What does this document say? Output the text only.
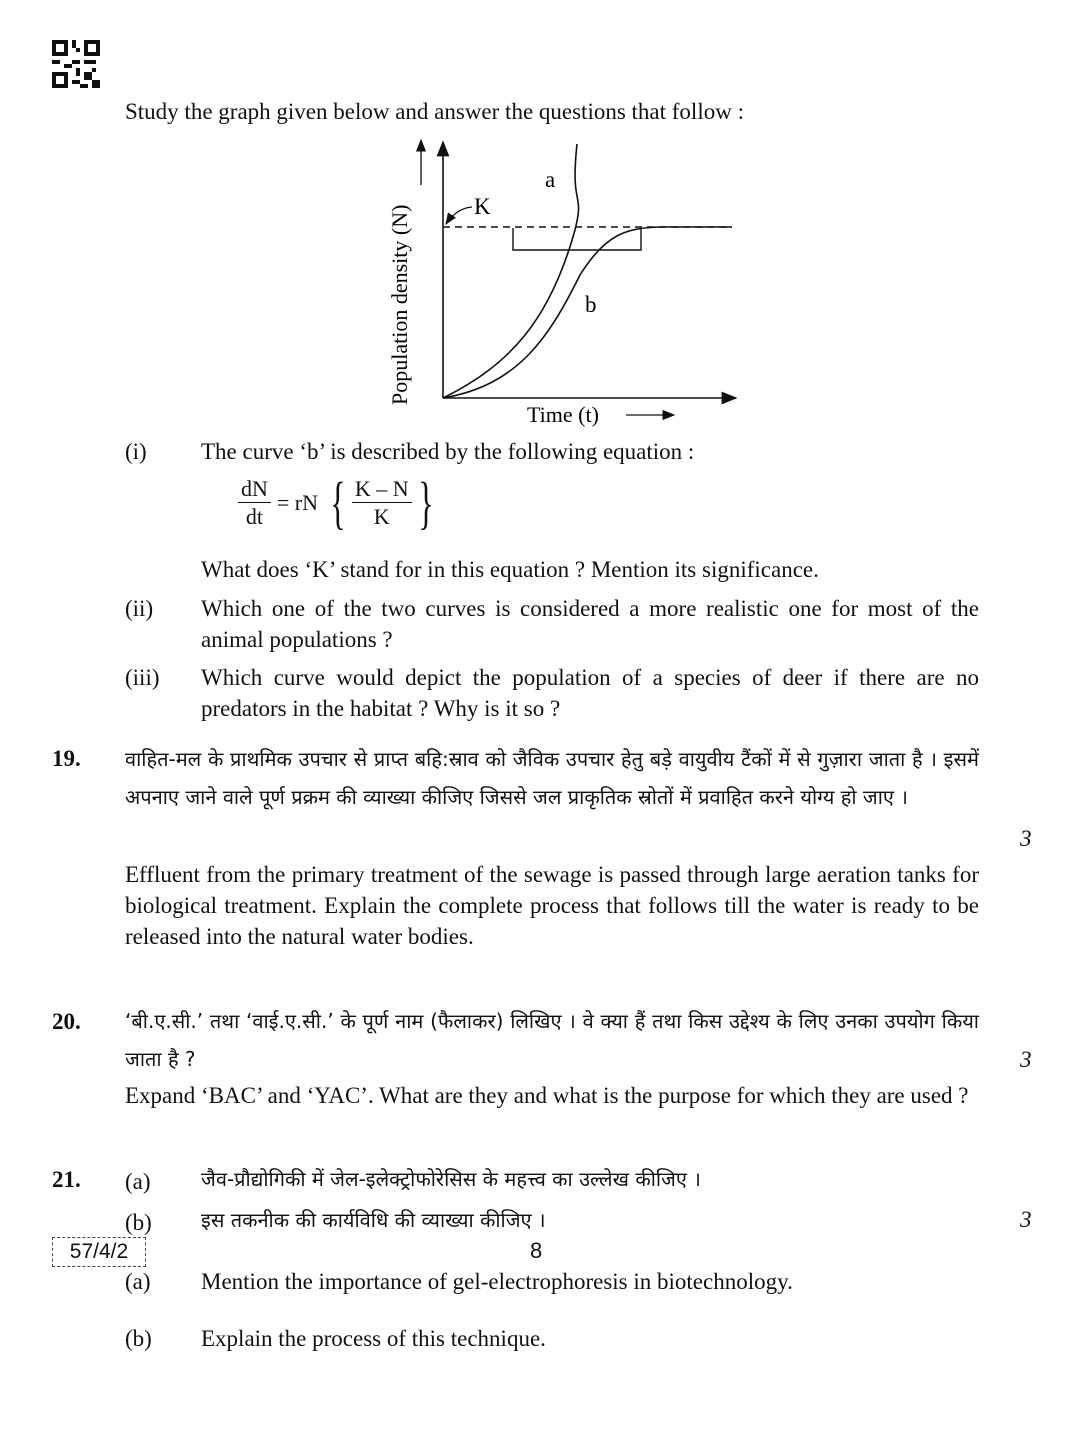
Study the graph given below and answer the questions that follow :
K
a
b
Population density (N)
Time (t)
(i) The curve ‘b’ is described by the following equation :
$\frac{dN}{dt}$ = rN { $\frac{K - N}{K}$ }
What does ‘K’ stand for in this equation ? Mention its significance.
(ii) Which one of the two curves is considered a more realistic one for most of the animal populations ?
(iii) Which curve would depict the population of a species of deer if there are no predators in the habitat ? Why is it so ?
19. वाहित-मल के प्राथमिक उपचार से प्राप्त बहि:स्राव को जैविक उपचार हेतु बड़े वायुवीय टैंकों में से गुज़ारा जाता है । इसमें अपनाए जाने वाले पूर्ण प्रक्रम की व्याख्या कीजिए जिससे जल प्राकृतिक स्रोतों में प्रवाहित करने योग्य हो जाए ।
3
Effluent from the primary treatment of the sewage is passed through large aeration tanks for biological treatment. Explain the complete process that follows till the water is ready to be released into the natural water bodies.
20. ‘बी.ए.सी.’ तथा ‘वाई.ए.सी.’ के पूर्ण नाम (फैलाकर) लिखिए । वे क्या हैं तथा किस उद्देश्य के लिए उनका उपयोग किया जाता है ?	3
Expand ‘BAC’ and ‘YAC’. What are they and what is the purpose for which they are used ?
21. (a)	जैव-प्रौद्योगिकी में जेल-इलेक्ट्रोफोरेसिस के महत्त्व का उल्लेख कीजिए ।
(b) इस तकनीक की कार्यविधि की व्याख्या कीजिए ।	3
(a) Mention the importance of gel-electrophoresis in biotechnology.
(b) Explain the process of this technique.
57/4/2	8
